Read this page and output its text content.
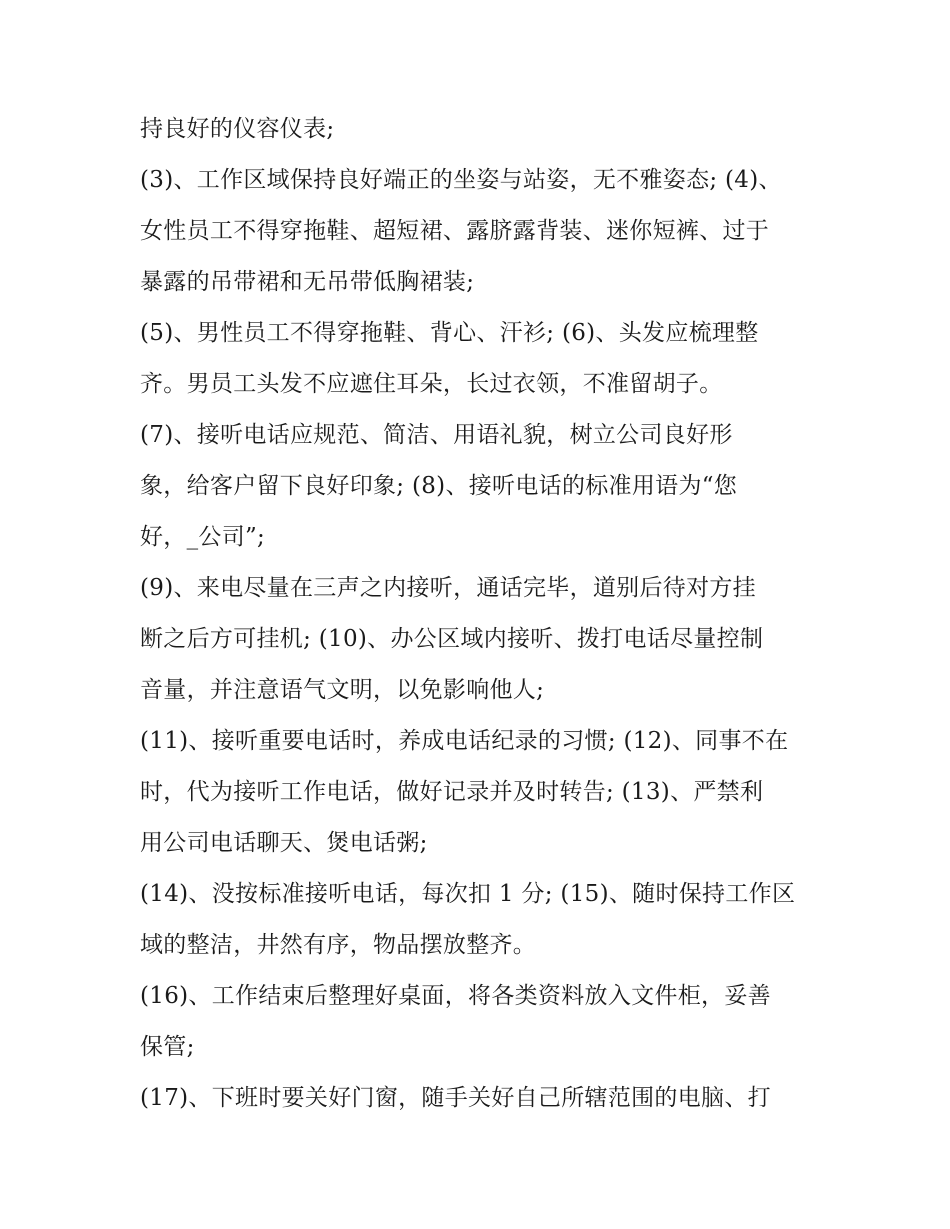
持良好的仪容仪表;
(3)、工作区域保持良好端正的坐姿与站姿，无不雅姿态; (4)、
女性员工不得穿拖鞋、超短裙、露脐露背装、迷你短裤、过于
暴露的吊带裙和无吊带低胸裙装;
(5)、男性员工不得穿拖鞋、背心、汗衫; (6)、头发应梳理整
齐。男员工头发不应遮住耳朵，长过衣领，不准留胡子。
(7)、接听电话应规范、简洁、用语礼貌，树立公司良好形
象，给客户留下良好印象; (8)、接听电话的标准用语为“您
好，_公司”;
(9)、来电尽量在三声之内接听，通话完毕，道别后待对方挂
断之后方可挂机; (10)、办公区域内接听、拨打电话尽量控制
音量，并注意语气文明，以免影响他人;
(11)、接听重要电话时，养成电话纪录的习惯; (12)、同事不在
时，代为接听工作电话，做好记录并及时转告; (13)、严禁利
用公司电话聊天、煲电话粥;
(14)、没按标准接听电话，每次扣 1 分; (15)、随时保持工作区
域的整洁，井然有序，物品摆放整齐。
(16)、工作结束后整理好桌面，将各类资料放入文件柜，妥善
保管;
(17)、下班时要关好门窗，随手关好自己所辖范围的电脑、打
